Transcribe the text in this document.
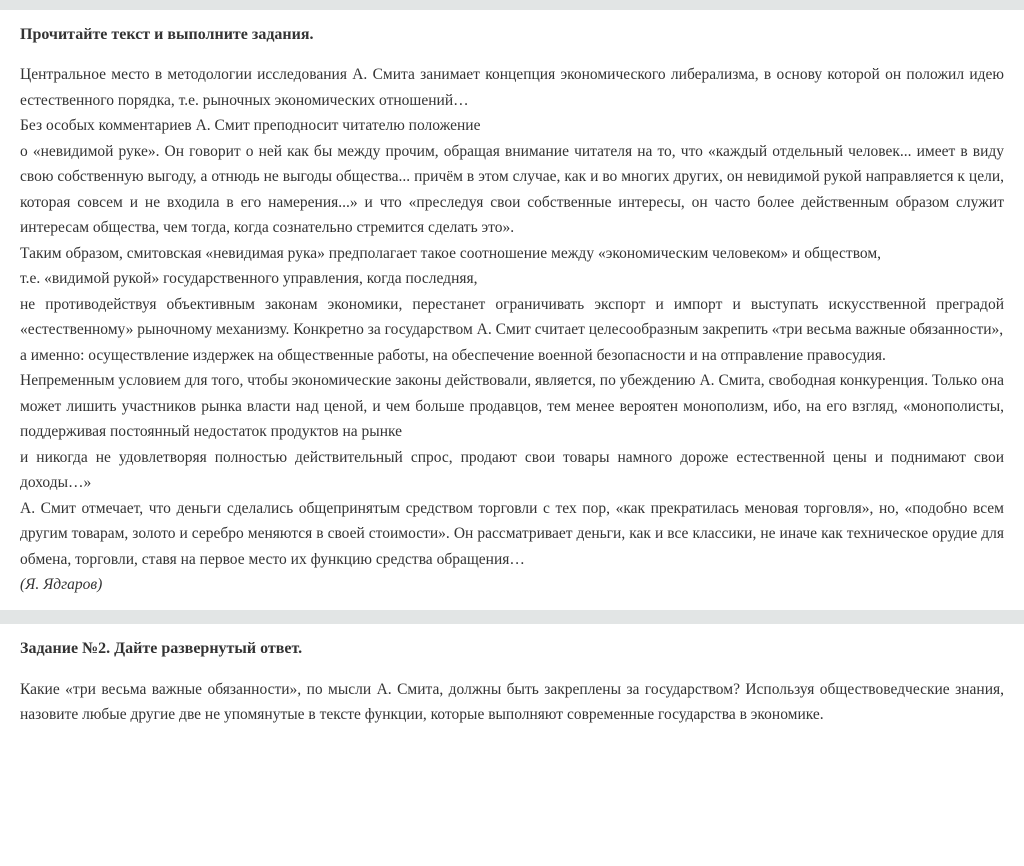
Прочитайте текст и выполните задания.

Центральное место в методологии исследования А. Смита занимает концепция экономического либерализма, в основу которой он положил идею естественного порядка, т.е. рыночных экономических отношений…

Без особых комментариев А. Смит преподносит читателю положение

о «невидимой руке». Он говорит о ней как бы между прочим, обращая внимание читателя на то, что «каждый отдельный человек... имеет в виду свою собственную выгоду, а отнюдь не выгоды общества... причём в этом случае, как и во многих других, он невидимой рукой направляется к цели, которая совсем и не входила в его намерения...» и что «преследуя свои собственные интересы, он часто более действенным образом служит интересам общества, чем тогда, когда сознательно стремится сделать это».

Таким образом, смитовская «невидимая рука» предполагает такое соотношение между «экономическим человеком» и обществом,

т.е. «видимой рукой» государственного управления, когда последняя,

не противодействуя объективным законам экономики, перестанет ограничивать экспорт и импорт и выступать искусственной преградой «естественному» рыночному механизму. Конкретно за государством А. Смит считает целесообразным закрепить «три весьма важные обязанности»,

а именно: осуществление издержек на общественные работы, на обеспечение военной безопасности и на отправление правосудия.

Непременным условием для того, чтобы экономические законы действовали, является, по убеждению А. Смита, свободная конкуренция. Только она может лишить участников рынка власти над ценой, и чем больше продавцов, тем менее вероятен монополизм, ибо, на его взгляд, «монополисты, поддерживая постоянный недостаток продуктов на рынке

и никогда не удовлетворяя полностью действительный спрос, продают свои товары намного дороже естественной цены и поднимают свои доходы…»

А. Смит отмечает, что деньги сделались общепринятым средством торговли с тех пор, «как прекратилась меновая торговля», но, «подобно всем другим товарам, золото и серебро меняются в своей стоимости». Он рассматривает деньги, как и все классики, не иначе как техническое орудие для обмена, торговли, ставя на первое место их функцию средства обращения…

(Я. Ядгаров)

Задание №2. Дайте развернутый ответ.

Какие «три весьма важные обязанности», по мысли А. Смита, должны быть закреплены за государством? Используя обществоведческие знания, назовите любые другие две не упомянутые в тексте функции, которые выполняют современные государства в экономике.
